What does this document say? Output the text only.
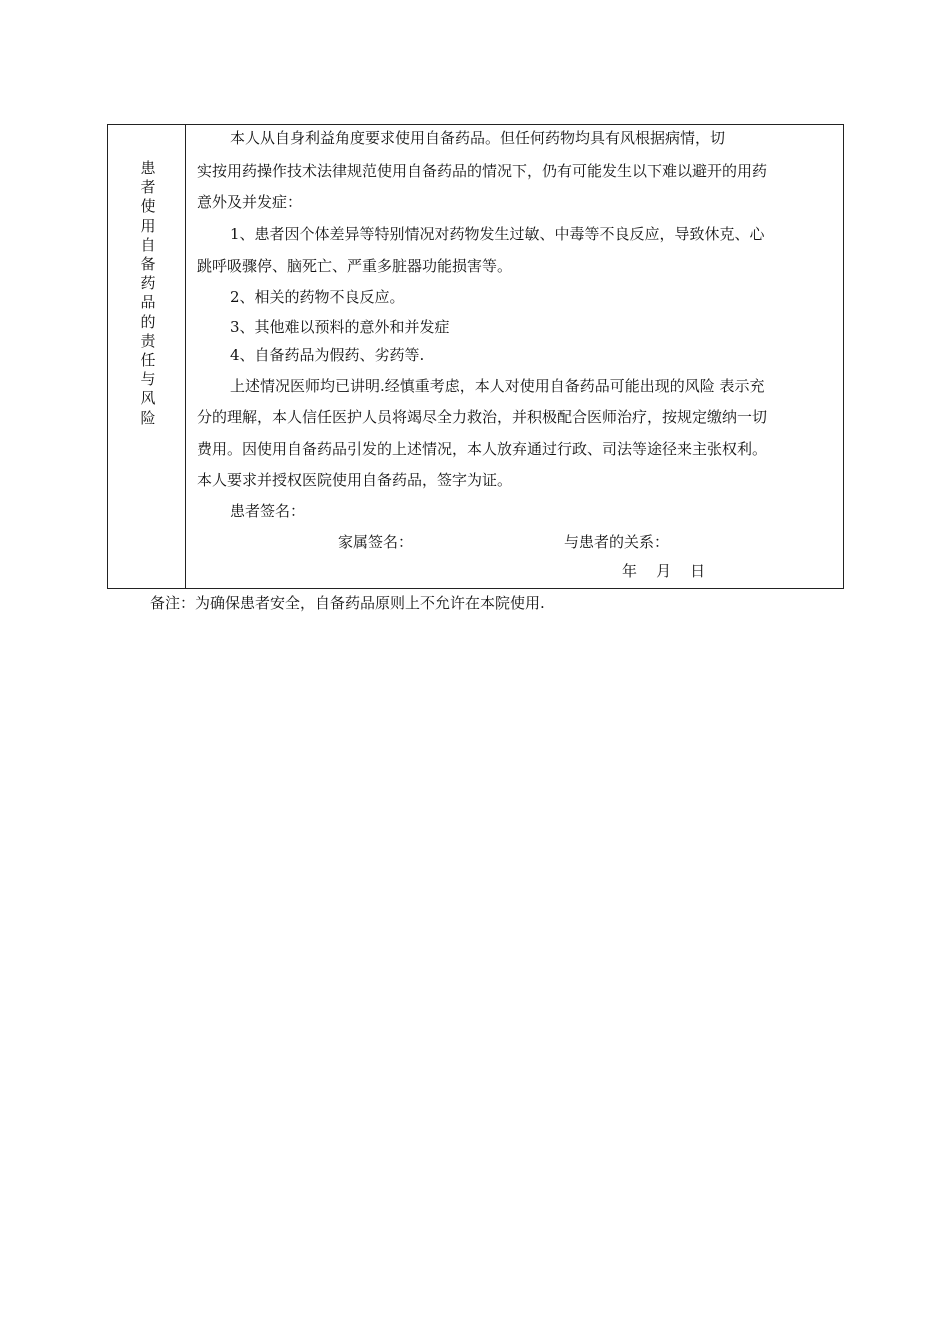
患者使用自备药品的责任与风险
本人从自身利益角度要求使用自备药品。但任何药物均具有风根据病情，切
实按用药操作技术法律规范使用自备药品的情况下，仍有可能发生以下难以避开的用药
意外及并发症：
1、患者因个体差异等特别情况对药物发生过敏、中毒等不良反应，导致休克、心
跳呼吸骤停、脑死亡、严重多脏器功能损害等。
2、相关的药物不良反应。
3、其他难以预料的意外和并发症
4、自备药品为假药、劣药等.
上述情况医师均已讲明.经慎重考虑，本人对使用自备药品可能出现的风险 表示充
分的理解，本人信任医护人员将竭尽全力救治，并积极配合医师治疗，按规定缴纳一切
费用。因使用自备药品引发的上述情况，本人放弃通过行政、司法等途径来主张权利。
本人要求并授权医院使用自备药品，签字为证。
患者签名：
家属签名：	与患者的关系：
年    月    日
备注：为确保患者安全，自备药品原则上不允许在本院使用.
